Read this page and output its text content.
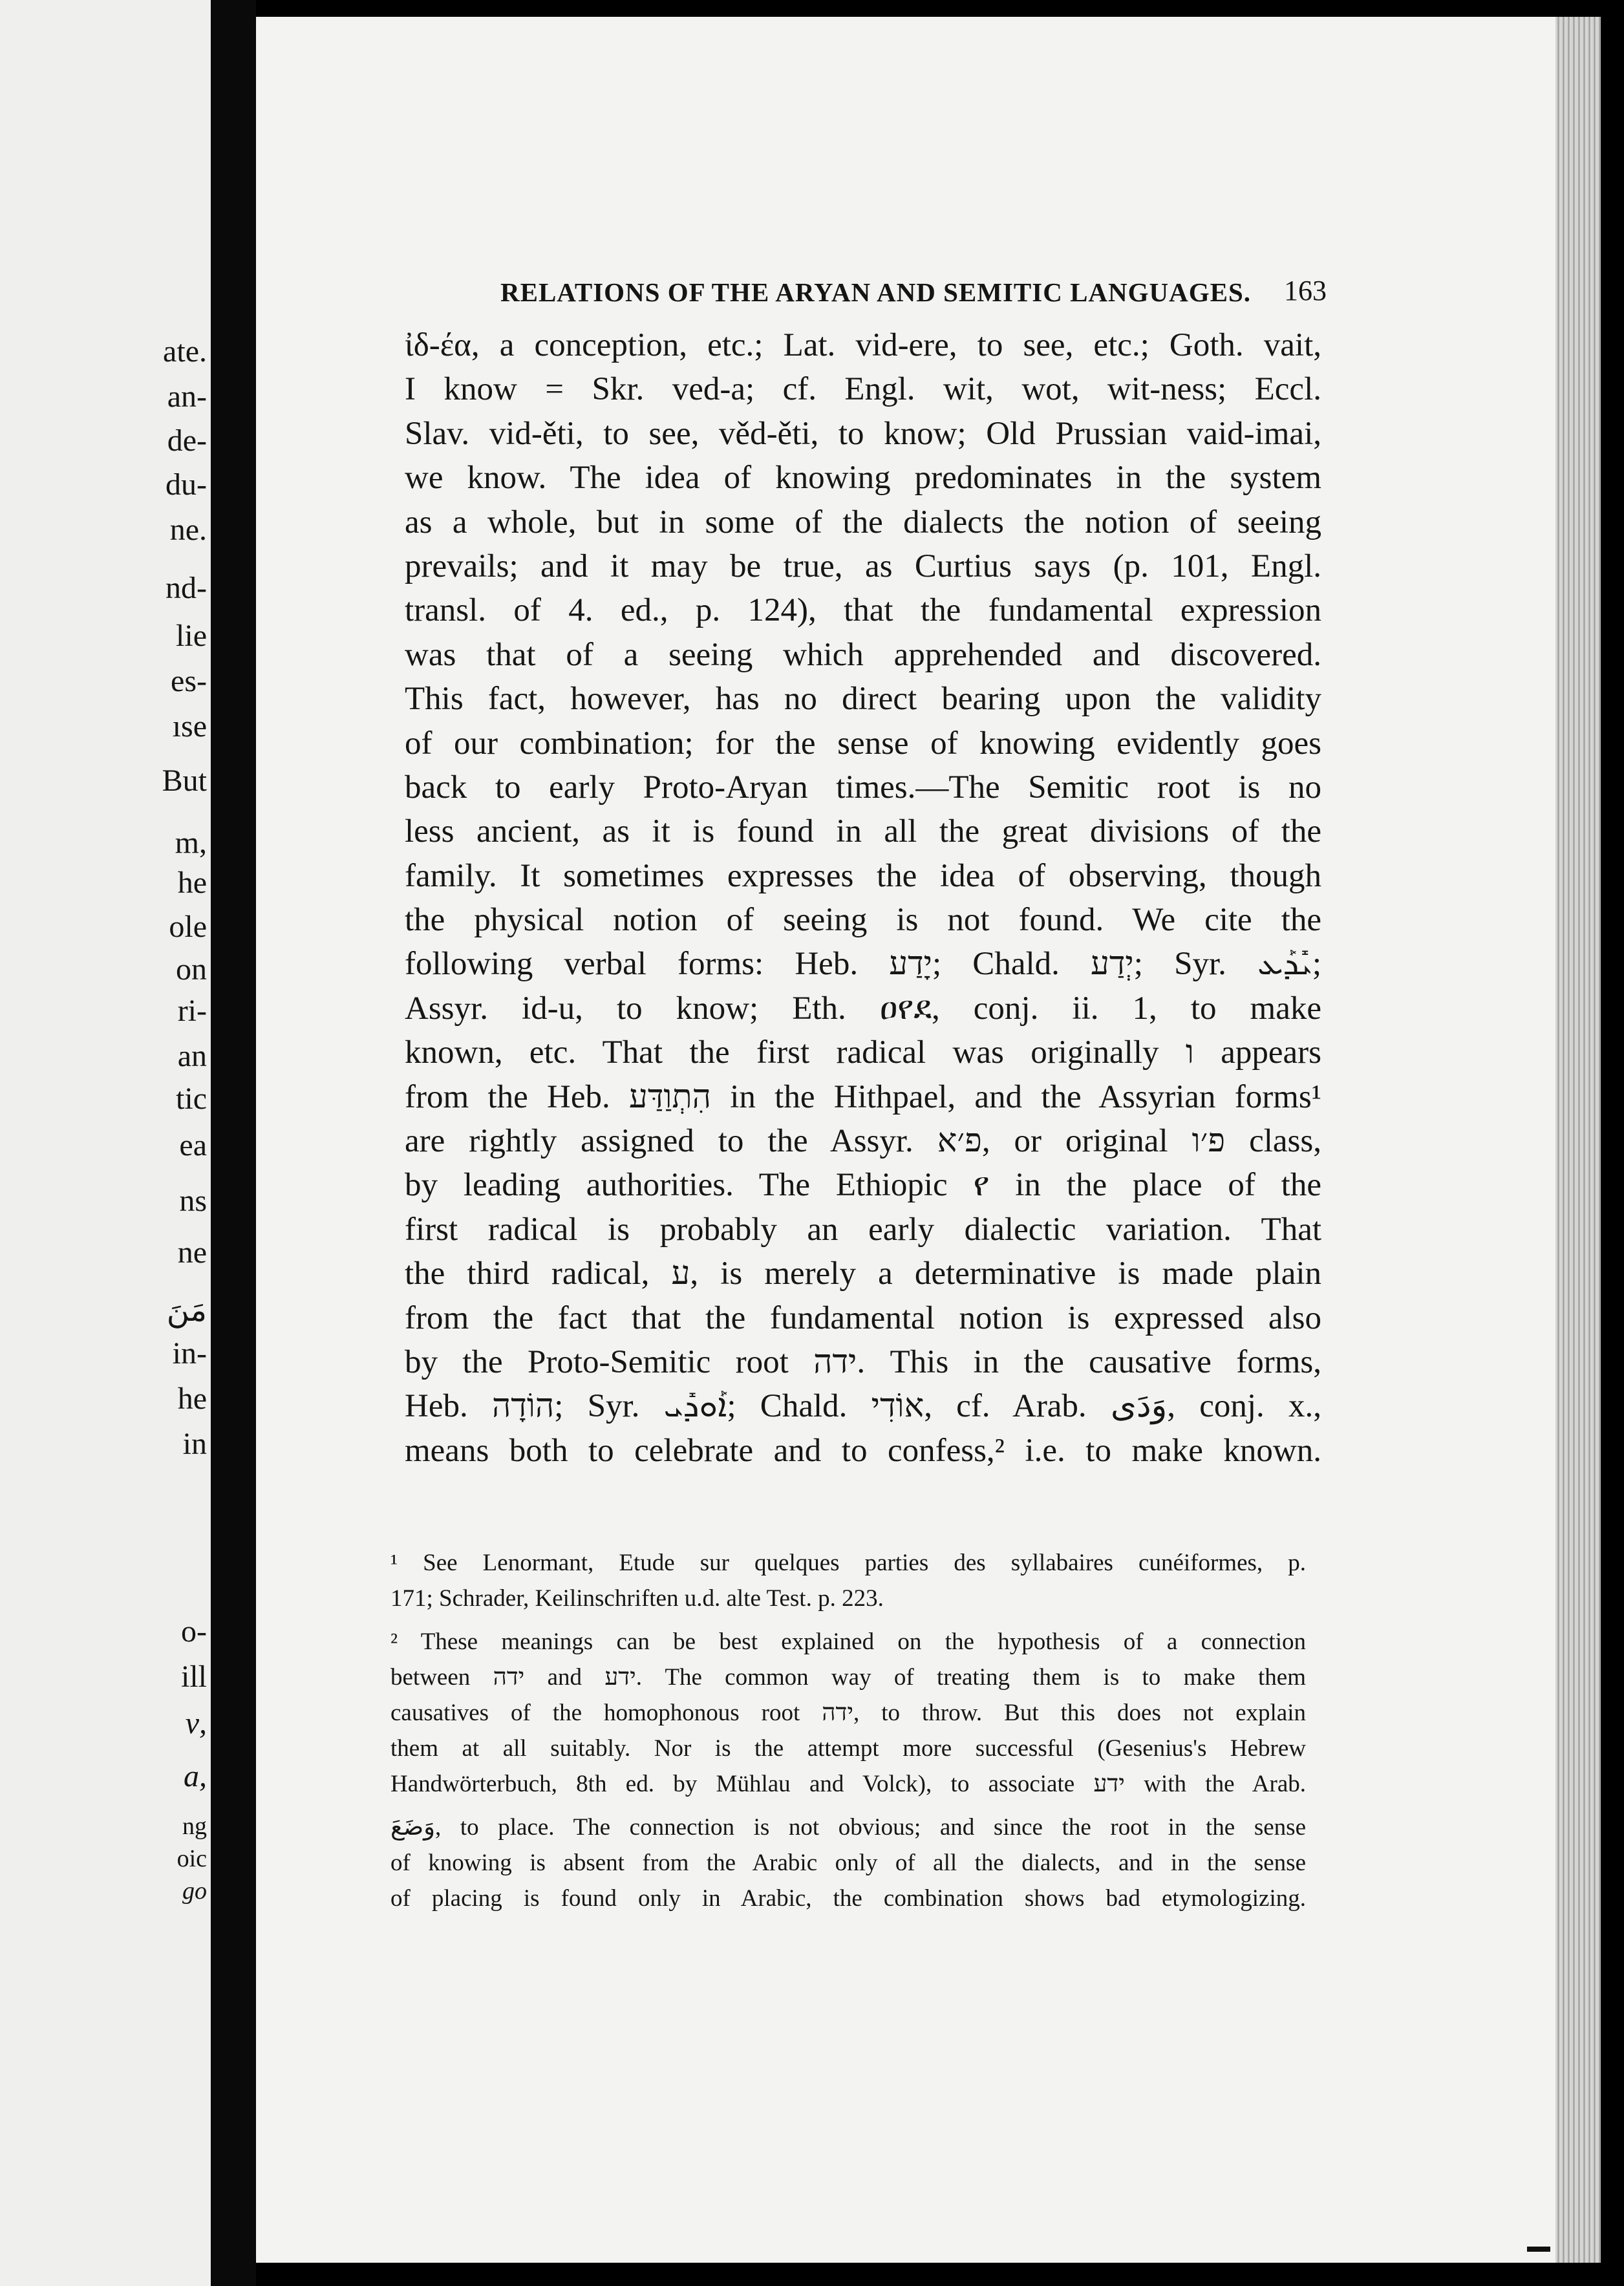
ate.
an-
de-
du-
ne.
nd-
lie
es-
ıse
But
m,
he
ole
on
ri-
an
tic
ea
ns
ne
مَنَ
in-
he
in
o-
ill
ν,
a,
ng
oic
go
RELATIONS OF THE ARYAN AND SEMITIC LANGUAGES.	163
ἰδ-έα, a conception, etc.; Lat. vid-ere, to see, etc.; Goth. vait,
I know = Skr. ved-a; cf. Engl. wit, wot, wit-ness; Eccl.
Slav. vid-ěti, to see, věd-ěti, to know; Old Prussian vaid-imai,
we know. The idea of knowing predominates in the system
as a whole, but in some of the dialects the notion of seeing
prevails; and it may be true, as Curtius says (p. 101, Engl.
transl. of 4. ed., p. 124), that the fundamental expression
was that of a seeing which apprehended and discovered.
This fact, however, has no direct bearing upon the validity
of our combination; for the sense of knowing evidently goes
back to early Proto-Aryan times.—The Semitic root is no
less ancient, as it is found in all the great divisions of the
family. It sometimes expresses the idea of observing, though
the physical notion of seeing is not found. We cite the
following verbal forms: Heb. יָדַע; Chald. יְדַע; Syr. ܝܺܕܰܥ;
Assyr. id-u, to know; Eth. ዐየደ, conj. ii. 1, to make
known, etc. That the first radical was originally ו appears
from the Heb. הִתְוַדַּע in the Hithpael, and the Assyrian forms¹
are rightly assigned to the Assyr. פ׳א, or original פ׳ו class,
by leading authorities. The Ethiopic የ in the place of the
first radical is probably an early dialectic variation. That
the third radical, ע, is merely a determinative is made plain
from the fact that the fundamental notion is expressed also
by the Proto-Semitic root ידה. This in the causative forms,
Heb. הוֹדָה; Syr. ܐܰܘܕܺܝ; Chald. אוֹדִי, cf. Arab. وَدَى, conj. x.,
means both to celebrate and to confess,² i.e. to make known.
¹ See Lenormant, Etude sur quelques parties des syllabaires cunéiformes, p.
171; Schrader, Keilinschriften u.d. alte Test. p. 223.
² These meanings can be best explained on the hypothesis of a connection
between ידה and ידע. The common way of treating them is to make them
causatives of the homophonous root ידה, to throw. But this does not explain
them at all suitably. Nor is the attempt more successful (Gesenius's Hebrew
Handwörterbuch, 8th ed. by Mühlau and Volck), to associate ידע with the Arab.
وَضَعَ, to place. The connection is not obvious; and since the root in the sense
of knowing is absent from the Arabic only of all the dialects, and in the sense
of placing is found only in Arabic, the combination shows bad etymologizing.
